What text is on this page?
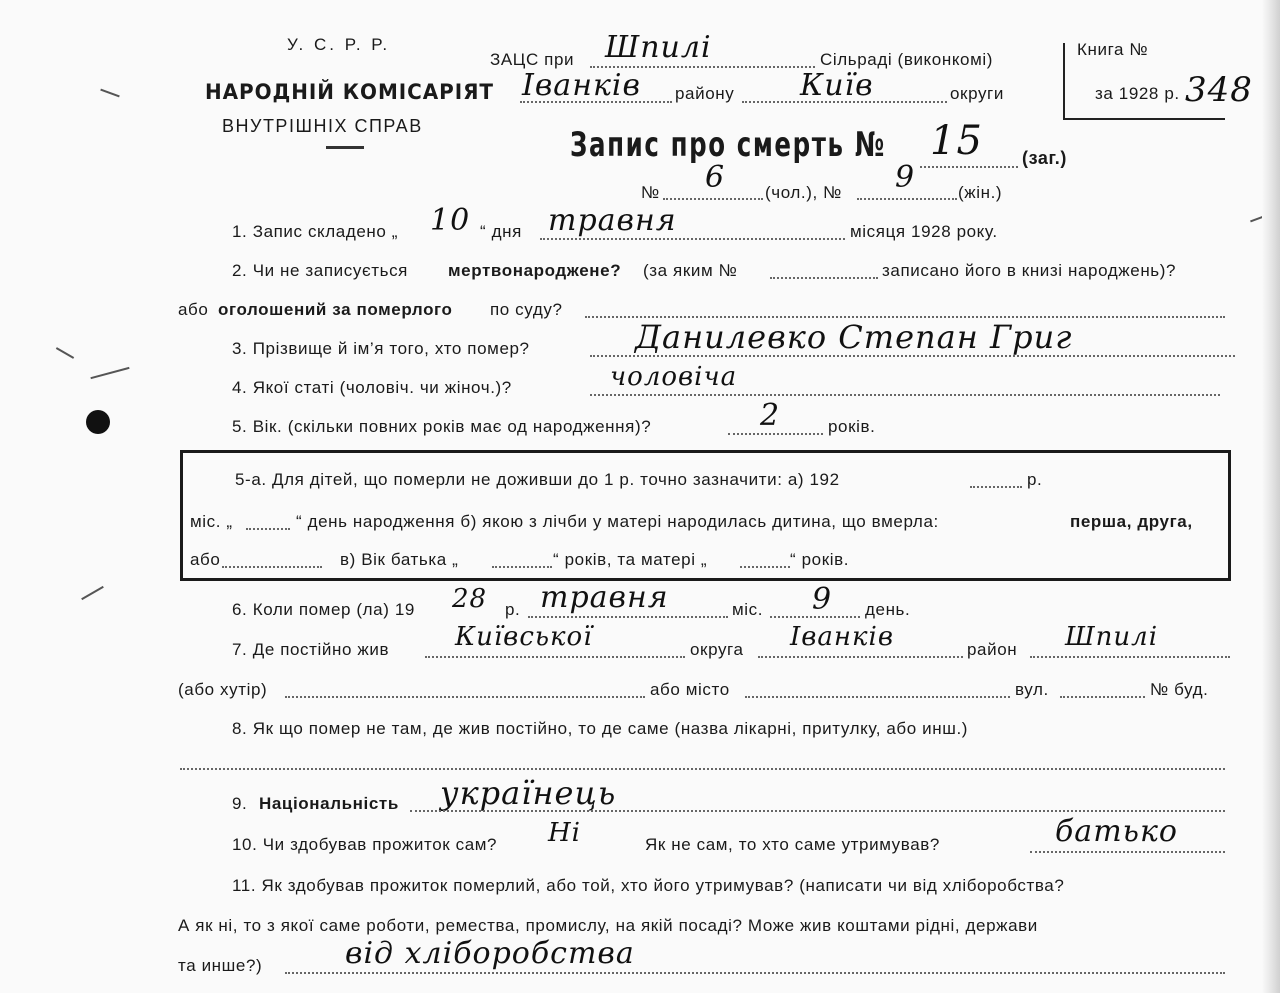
У. С. Р. Р.
НАРОДНІЙ КОМІСАРІЯТ
ВНУТРІШНІХ СПРАВ
ЗАЦС при Шпилі	Сільраді (виконкомі)
Іванків району Київ	округи
Книга №
за 1928 р. 348
Запис про смерть № 15 (заг.)
№ 6 (чол.), № 9	(жін.)
1. Запис складено „ 10 “ дня травня	місяця 1928 року.
2. Чи не записується мертвонароджене? (за яким №	записано його в книзі народжень)?
або оголошений за померлого по суду?
3. Прізвище й ім’я того, хто помер?	Данилевко Степан Григ
4. Якої статі (чоловіч. чи жіноч.)?	чоловіча
5. Вік. (скільки повних років має од народження)?	2	років.
5-а. Для дітей, що померли не доживши до 1 р. точно зазначити: а) 192	р.
міс. „	“ день народження б) якою з лічби у матері народилась дитина, що вмерла:	перша, друга,
або	в) Вік батька „	“ років, та матері „	“ років.
6. Коли помер (ла) 19 28 р. травня	міс. 9 день.
7. Де постійно жив	Київської	округа Іванків	район Шпилі
(або хутір)	або місто	вул.	№ буд.
8. Як що помер не там, де жив постійно, то де саме (назва лікарні, притулку, або инш.)
9. Національність українець
10. Чи здобував прожиток сам? Ні	Як не сам, то хто саме утримував?	батько
11. Як здобував прожиток померлий, або той, хто його утримував? (написати чи від хліборобства?
А як ні, то з якої саме роботи, ремества, промислу, на якій посаді? Може жив коштами рідні, держави
та инше?)	від хліборобства
